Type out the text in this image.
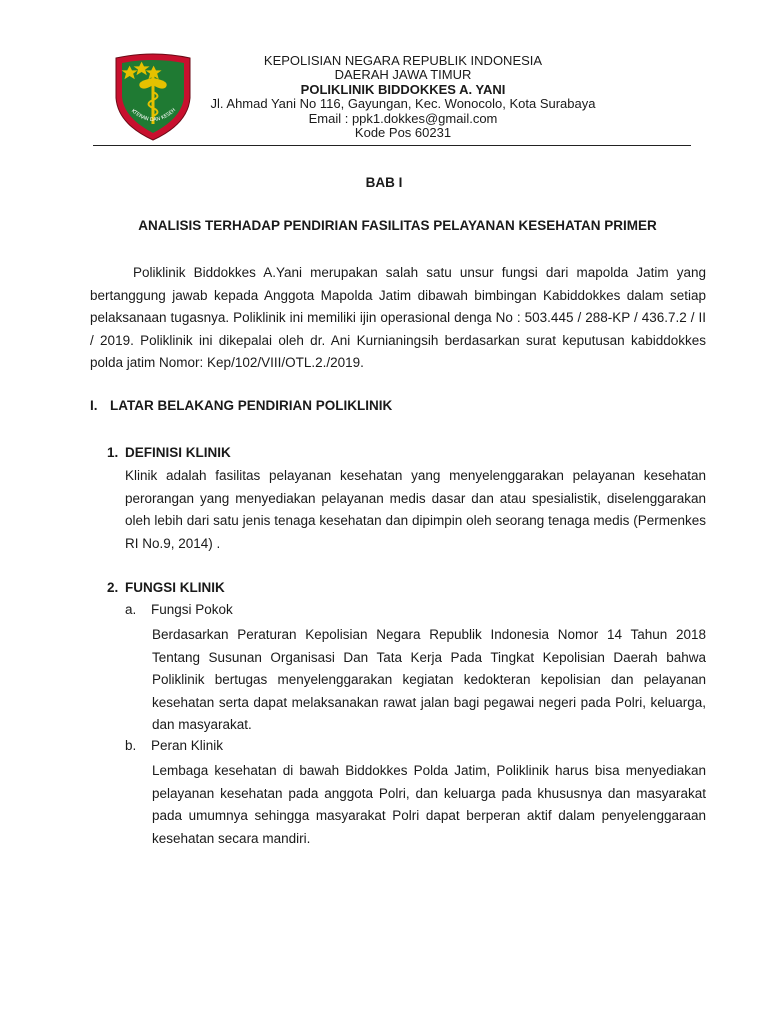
KTERAN DAN KESEH
KEPOLISIAN NEGARA REPUBLIK INDONESIA
DAERAH JAWA TIMUR
POLIKLINIK BIDDOKKES A. YANI
Jl. Ahmad Yani No 116, Gayungan, Kec. Wonocolo, Kota Surabaya
Email : ppk1.dokkes@gmail.com
Kode Pos 60231
BAB I
ANALISIS TERHADAP PENDIRIAN FASILITAS PELAYANAN KESEHATAN PRIMER
Poliklinik Biddokkes A.Yani merupakan salah satu unsur fungsi dari mapolda Jatim yang bertanggung jawab kepada Anggota Mapolda Jatim dibawah bimbingan Kabiddokkes dalam setiap pelaksanaan tugasnya. Poliklinik ini memiliki ijin operasional denga No : 503.445 / 288-KP / 436.7.2 / II / 2019. Poliklinik ini dikepalai oleh dr. Ani Kurnianingsih berdasarkan surat keputusan kabiddokkes polda jatim Nomor: Kep/102/VIII/OTL.2./2019.
I. LATAR BELAKANG PENDIRIAN POLIKLINIK
1. DEFINISI KLINIK
Klinik adalah fasilitas pelayanan kesehatan yang menyelenggarakan pelayanan kesehatan perorangan yang menyediakan pelayanan medis dasar dan atau spesialistik, diselenggarakan oleh lebih dari satu jenis tenaga kesehatan dan dipimpin oleh seorang tenaga medis (Permenkes RI No.9, 2014) .
2. FUNGSI KLINIK
a. Fungsi Pokok
Berdasarkan Peraturan Kepolisian Negara Republik Indonesia Nomor 14 Tahun 2018 Tentang Susunan Organisasi Dan Tata Kerja Pada Tingkat Kepolisian Daerah bahwa Poliklinik bertugas menyelenggarakan kegiatan kedokteran kepolisian dan pelayanan kesehatan serta dapat melaksanakan rawat jalan bagi pegawai negeri pada Polri, keluarga, dan masyarakat.
b. Peran Klinik
Lembaga kesehatan di bawah Biddokkes Polda Jatim, Poliklinik harus bisa menyediakan pelayanan kesehatan pada anggota Polri, dan keluarga pada khususnya dan masyarakat pada umumnya sehingga masyarakat Polri dapat berperan aktif dalam penyelenggaraan kesehatan secara mandiri.
